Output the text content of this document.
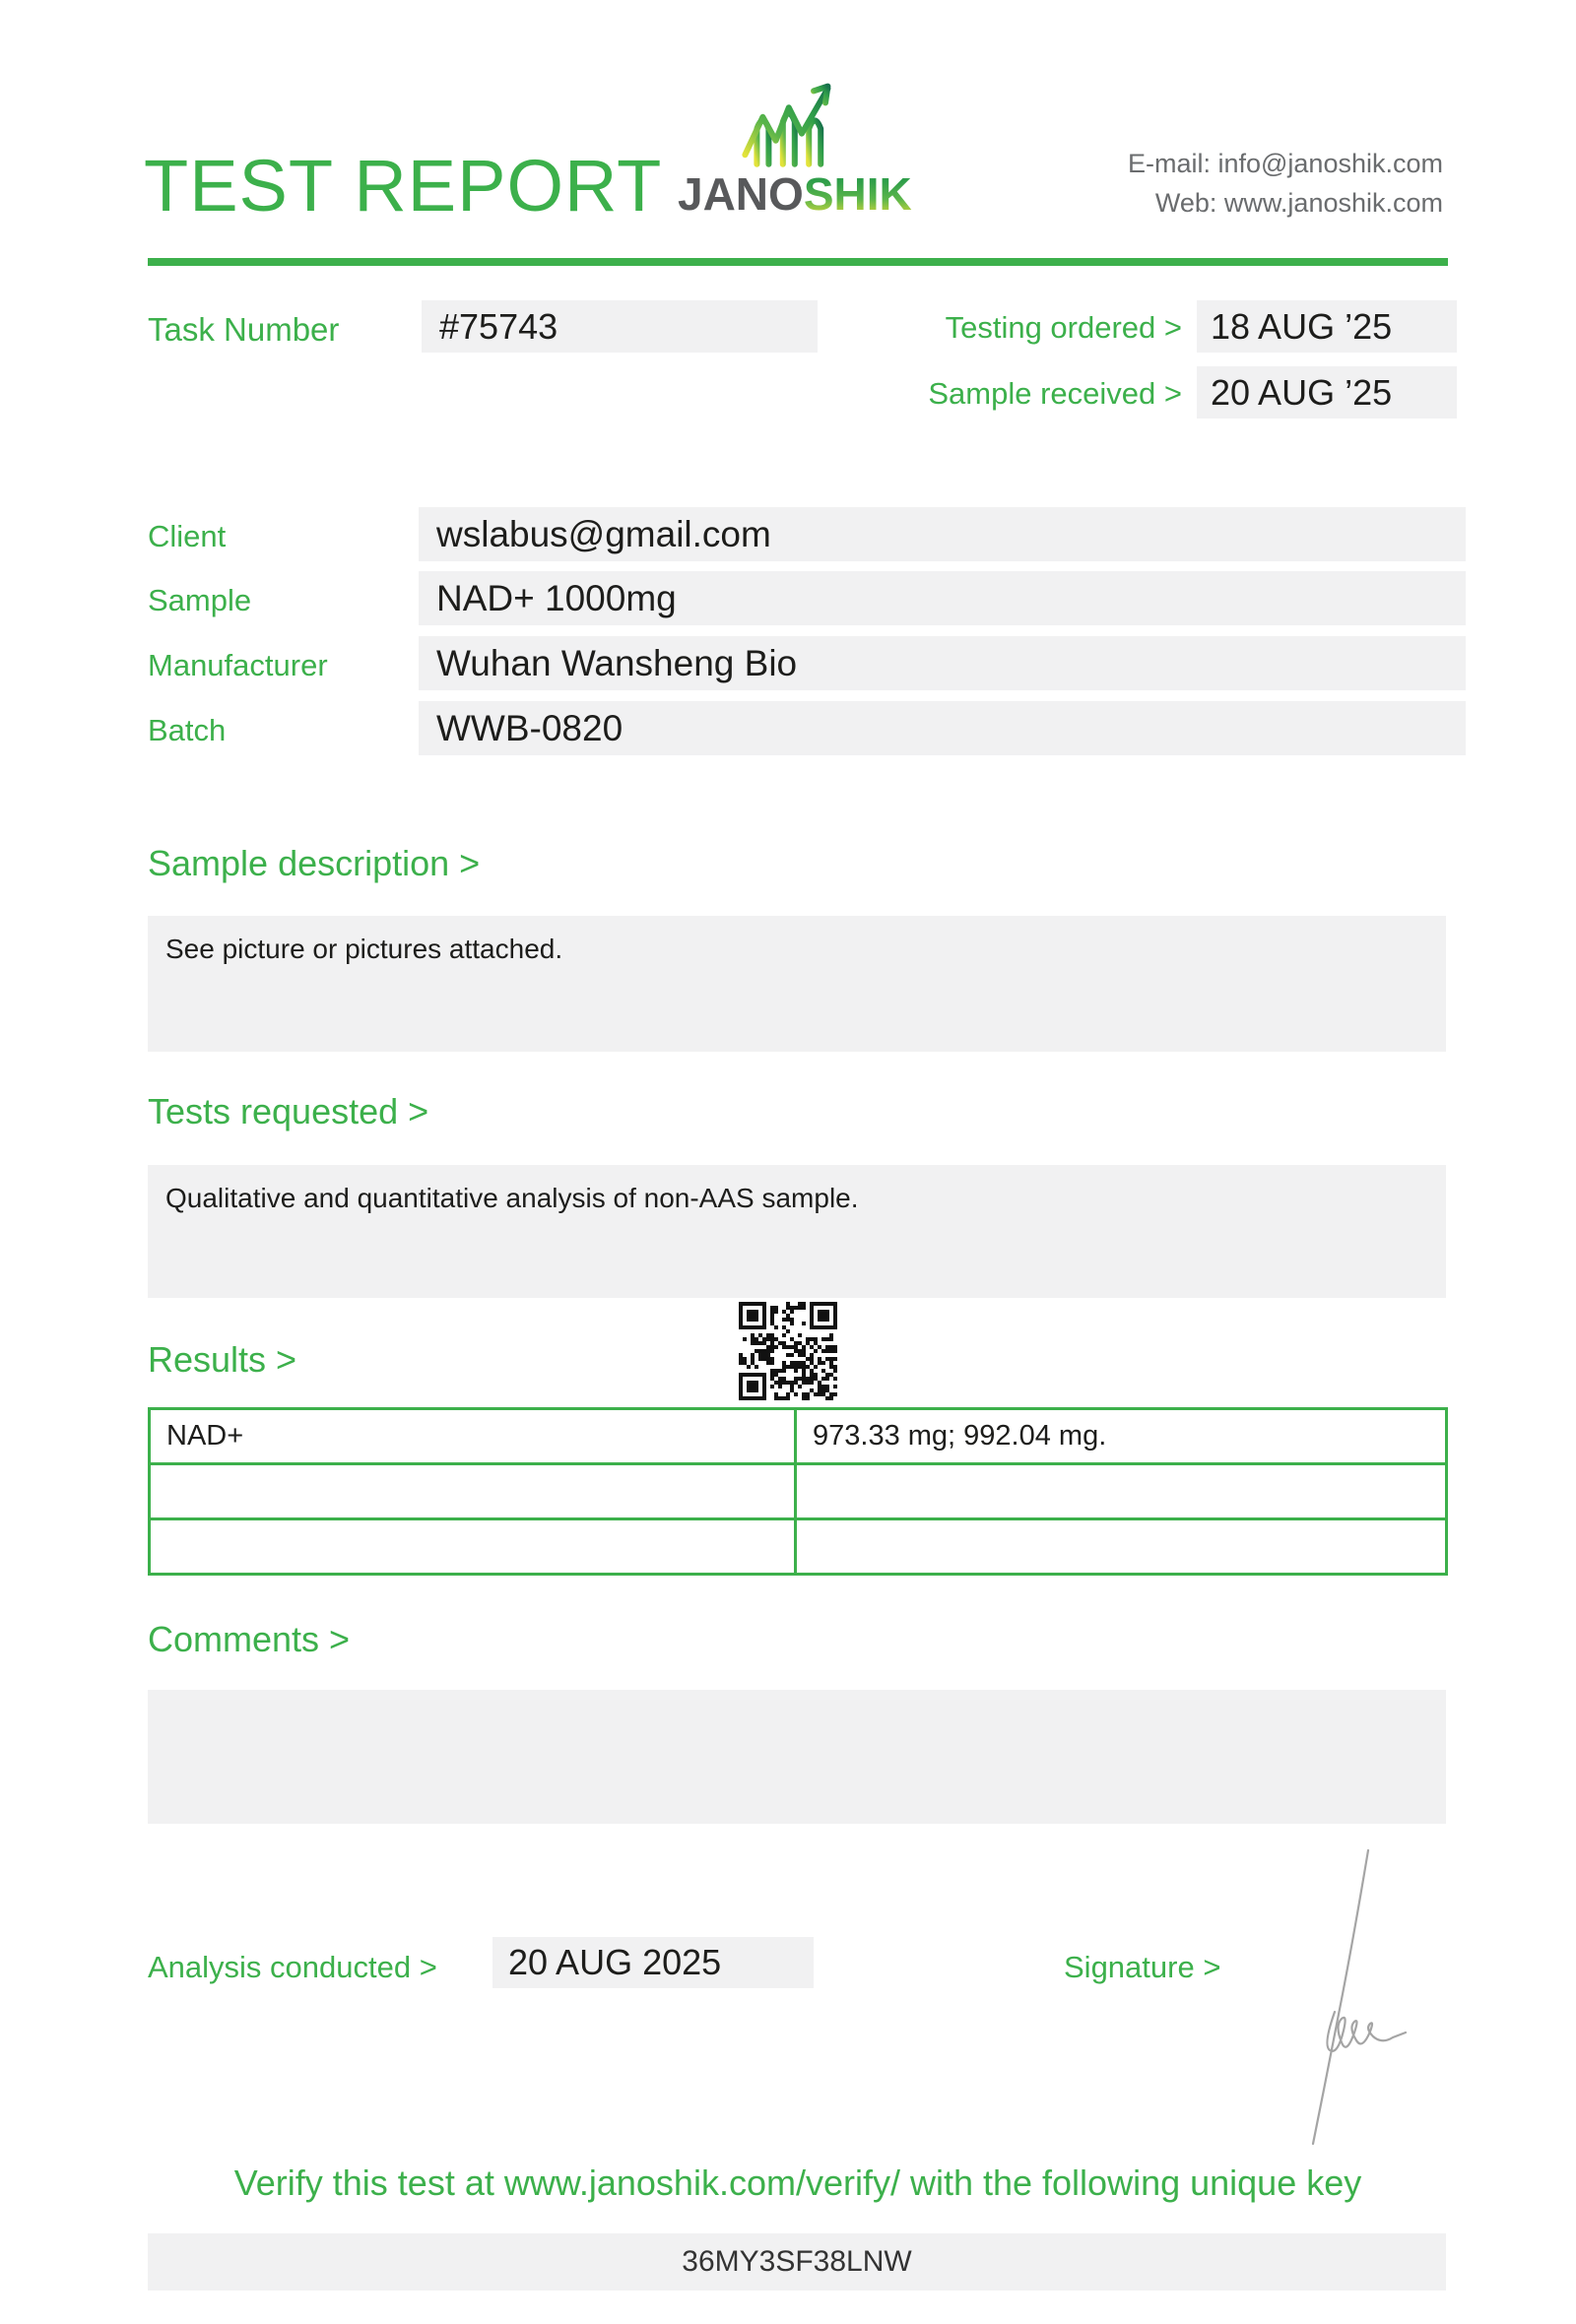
TEST REPORT JANOSHIK
E-mail: info@janoshik.com
Web: www.janoshik.com
Task Number	#75743	Testing ordered > 18 AUG ’25
Sample received > 20 AUG ’25
Client	wslabus@gmail.com
Sample	NAD+ 1000mg
Manufacturer	Wuhan Wansheng Bio
Batch	WWB-0820
Sample description >
See picture or pictures attached.
Tests requested >
Qualitative and quantitative analysis of non-AAS sample.
Results >
NAD+	973.33 mg; 992.04 mg.

Comments >
Analysis conducted > 20 AUG 2025	Signature >
Verify this test at www.janoshik.com/verify/ with the following unique key
36MY3SF38LNW
